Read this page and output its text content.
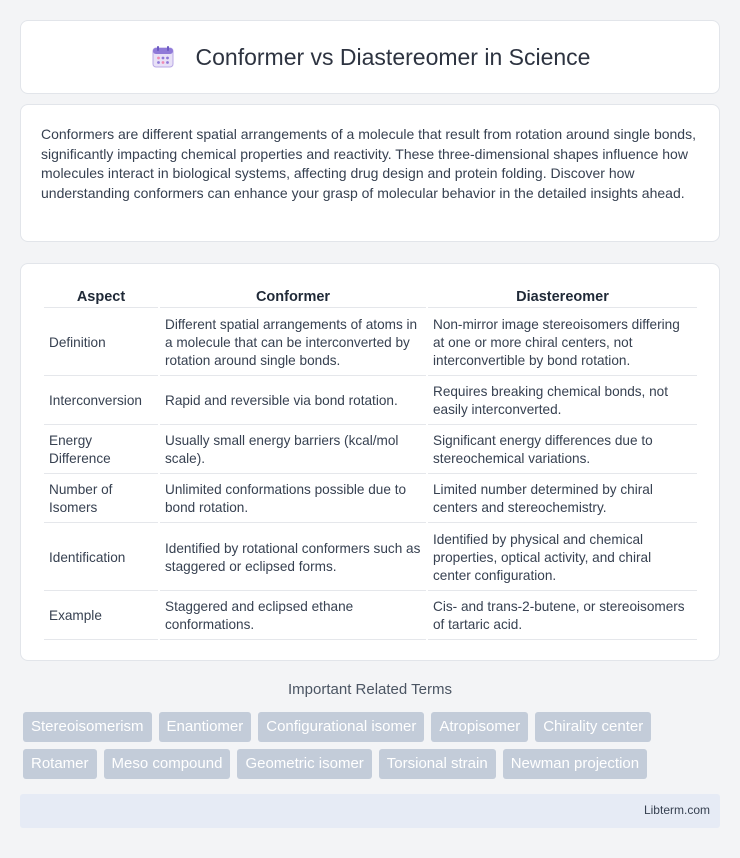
Conformer vs Diastereomer in Science

Conformers are different spatial arrangements of a molecule that result from rotation around single bonds, significantly impacting chemical properties and reactivity. These three-dimensional shapes influence how molecules interact in biological systems, affecting drug design and protein folding. Discover how understanding conformers can enhance your grasp of molecular behavior in the detailed insights ahead.

Aspect	Conformer	Diastereomer
Definition	Different spatial arrangements of atoms in a molecule that can be interconverted by rotation around single bonds.	Non-mirror image stereoisomers differing at one or more chiral centers, not interconvertible by bond rotation.
Interconversion	Rapid and reversible via bond rotation.	Requires breaking chemical bonds, not easily interconverted.
Energy Difference	Usually small energy barriers (kcal/mol scale).	Significant energy differences due to stereochemical variations.
Number of Isomers	Unlimited conformations possible due to bond rotation.	Limited number determined by chiral centers and stereochemistry.
Identification	Identified by rotational conformers such as staggered or eclipsed forms.	Identified by physical and chemical properties, optical activity, and chiral center configuration.
Example	Staggered and eclipsed ethane conformations.	Cis- and trans-2-butene, or stereoisomers of tartaric acid.
Important Related Terms
Stereoisomerism	Enantiomer	Configurational isomer	Atropisomer	Chirality center
Rotamer	Meso compound	Geometric isomer	Torsional strain	Newman projection
Libterm.com
